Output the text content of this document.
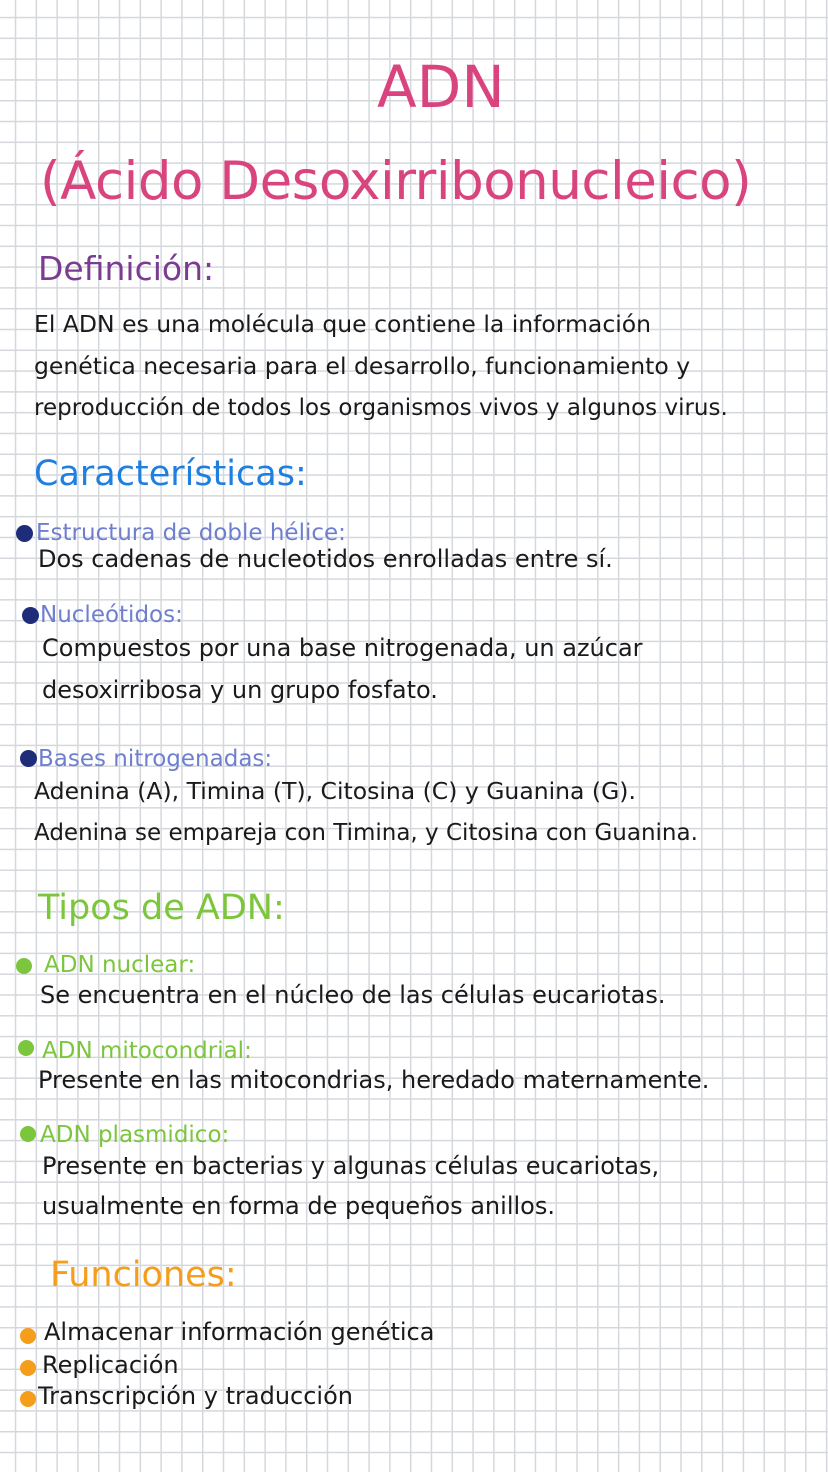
ADN
(Ácido Desoxirribonucleico)
Definición:
El ADN es una molécula que contiene la información
genética necesaria para el desarrollo, funcionamiento y
reproducción de todos los organismos vivos y algunos virus.
Características:
Estructura de doble hélice:
Dos cadenas de nucleotidos enrolladas entre sí.
Nucleótidos:
Compuestos por una base nitrogenada, un azúcar
desoxirribosa y un grupo fosfato.
Bases nitrogenadas:
Adenina (A), Timina (T), Citosina (C) y Guanina (G).
Adenina se empareja con Timina, y Citosina con Guanina.
Tipos de ADN:
ADN nuclear:
Se encuentra en el núcleo de las células eucariotas.
ADN mitocondrial:
Presente en las mitocondrias, heredado maternamente.
ADN plasmidico:
Presente en bacterias y algunas células eucariotas,
usualmente en forma de pequeños anillos.
Funciones:
Almacenar información genética
Replicación
Transcripción y traducción
